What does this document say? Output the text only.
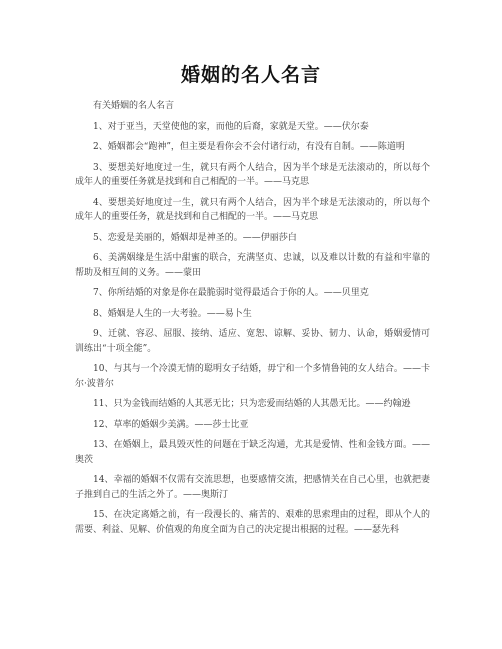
婚姻的名人名言

有关婚姻的名人名言

1、对于亚当，天堂使他的家，而他的后裔，家就是天堂。——伏尔泰

2、婚姻都会“跑神”，但主要是看你会不会付诸行动，有没有自制。——陈道明

3、要想美好地度过一生，就只有两个人结合，因为半个球是无法滚动的，所以每个成年人的重要任务就是找到和自己相配的一半。——马克思

4、要想美好地度过一生，就只有两个人结合，因为半个球是无法滚动的，所以每个成年人的重要任务，就是找到和自己相配的一半。——马克思

5、恋爱是美丽的，婚姻却是神圣的。——伊丽莎白

6、美满姻缘是生活中甜蜜的联合，充满坚贞、忠诚，以及难以计数的有益和牢靠的帮助及相互间的义务。——蒙田

7、你所结婚的对象是你在最脆弱时觉得最适合于你的人。——贝里克

8、婚姻是人生的一大考验。——易卜生

9、迁就、容忍、屈服、接纳、适应、宽恕、谅解、妥协、韧力、认命，婚姻爱情可训练出“十项全能”。

10、与其与一个冷漠无情的聪明女子结婚，毋宁和一个多情鲁钝的女人结合。——卡尔·波普尔

11、只为金钱而结婚的人其恶无比；只为恋爱而结婚的人其愚无比。——约翰逊

12、草率的婚姻少美满。——莎士比亚

13、在婚姻上，最具毁灭性的问题在于缺乏沟通，尤其是爱情、性和金钱方面。——奥茨

14、幸福的婚姻不仅需有交流思想，也要感情交流，把感情关在自己心里，也就把妻子推到自己的生活之外了。——奥斯汀

15、在决定离婚之前，有一段漫长的、痛苦的、艰难的思索理由的过程，即从个人的需要、利益、见解、价值观的角度全面为自己的决定提出根据的过程。——瑟先科
